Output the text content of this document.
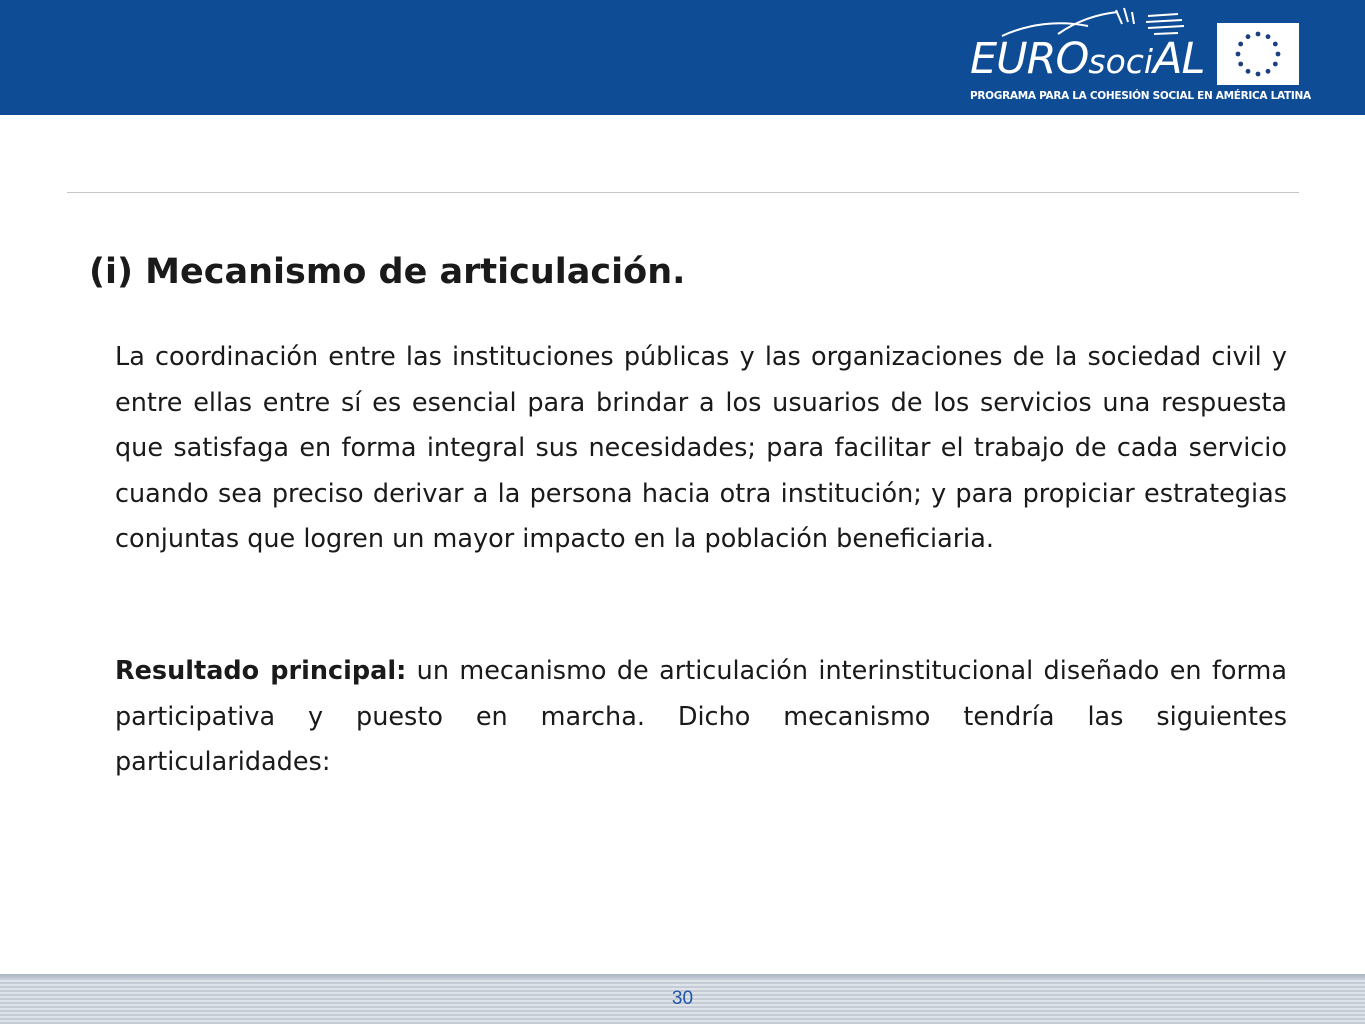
EUROsociAL
PROGRAMA PARA LA COHESIÓN SOCIAL EN AMÉRICA LATINA
(i) Mecanismo de articulación.

La coordinación entre las instituciones públicas y las organizaciones de la sociedad civil y entre ellas entre sí es esencial para brindar a los usuarios de los servicios una respuesta que satisfaga en forma integral sus necesidades; para facilitar el trabajo de cada servicio cuando sea preciso derivar a la persona hacia otra institución; y para propiciar estrategias conjuntas que logren un mayor impacto en la población beneficiaria.

Resultado principal: un mecanismo de articulación interinstitucional diseñado en forma participativa y puesto en marcha. Dicho mecanismo tendría las siguientes particularidades:

30
